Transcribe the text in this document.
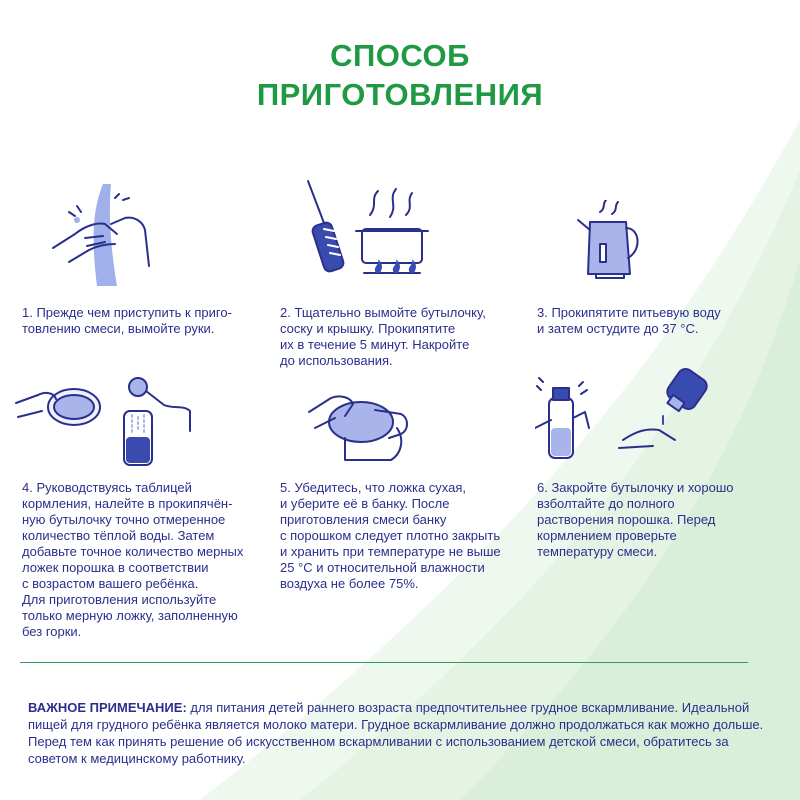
СПОСОБ
ПРИГОТОВЛЕНИЯ
1. Прежде чем приступить к приго-
товлению смеси, вымойте руки.
2. Тщательно вымойте бутылочку,
соску и крышку. Прокипятите
их в течение 5 минут. Накройте
до использования.
3. Прокипятите питьевую воду
и затем остудите до 37 °С.
4. Руководствуясь таблицей
кормления, налейте в прокипячён-
ную бутылочку точно отмеренное
количество тёплой воды. Затем
добавьте точное количество мерных
ложек порошка в соответствии
с возрастом вашего ребёнка.
Для приготовления используйте
только мерную ложку, заполненную
без горки.
5. Убедитесь, что ложка сухая,
и уберите её в банку. После
приготовления смеси банку
с порошком следует плотно закрыть
и хранить при температуре не выше
25 °С и относительной влажности
воздуха не более 75%.
6. Закройте бутылочку и хорошо
взболтайте до полного
растворения порошка. Перед
кормлением проверьте
температуру смеси.
ВАЖНОЕ ПРИМЕЧАНИЕ: для питания детей раннего возраста предпочтительнее грудное вскармливание. Идеальной пищей для грудного ребёнка является молоко матери. Грудное вскармливание должно продолжаться как можно дольше. Перед тем как принять решение об искусственном вскармливании с использованием детской смеси, обратитесь за советом к медицинскому работнику.
